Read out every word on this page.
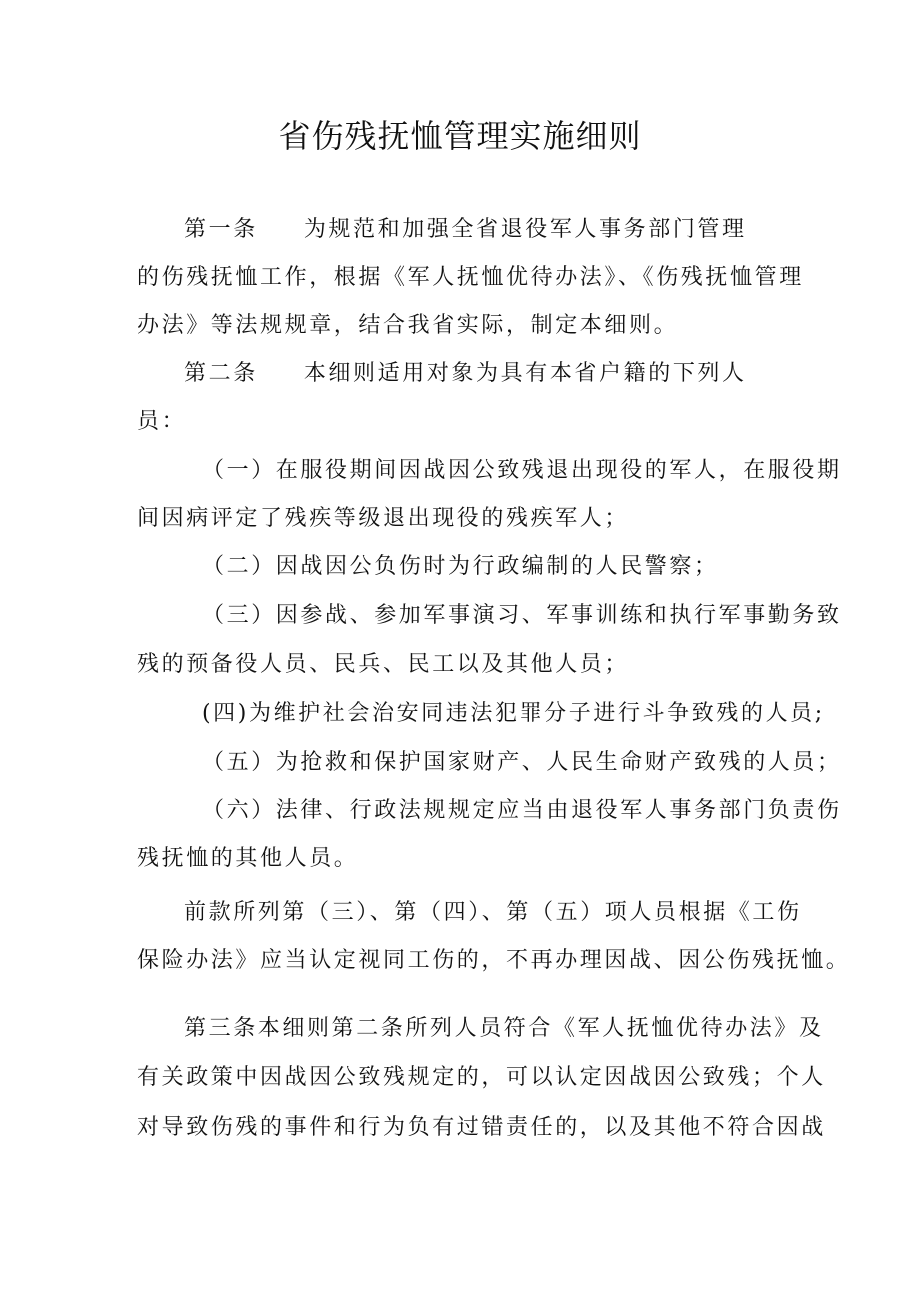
省伤残抚恤管理实施细则
第一条 为规范和加强全省退役军人事务部门管理
的伤残抚恤工作，根据《军人抚恤优待办法》、《伤残抚恤管理
办法》等法规规章，结合我省实际，制定本细则。
第二条 本细则适用对象为具有本省户籍的下列人
员：
（一）在服役期间因战因公致残退出现役的军人，在服役期
间因病评定了残疾等级退出现役的残疾军人；
（二）因战因公负伤时为行政编制的人民警察；
（三）因参战、参加军事演习、军事训练和执行军事勤务致
残的预备役人员、民兵、民工以及其他人员；
(四)为维护社会治安同违法犯罪分子进行斗争致残的人员;
（五）为抢救和保护国家财产、人民生命财产致残的人员；
（六）法律、行政法规规定应当由退役军人事务部门负责伤
残抚恤的其他人员。
前款所列第（三）、第（四）、第（五）项人员根据《工伤
保险办法》应当认定视同工伤的，不再办理因战、因公伤残抚恤。
第三条本细则第二条所列人员符合《军人抚恤优待办法》及
有关政策中因战因公致残规定的，可以认定因战因公致残；个人
对导致伤残的事件和行为负有过错责任的，以及其他不符合因战
